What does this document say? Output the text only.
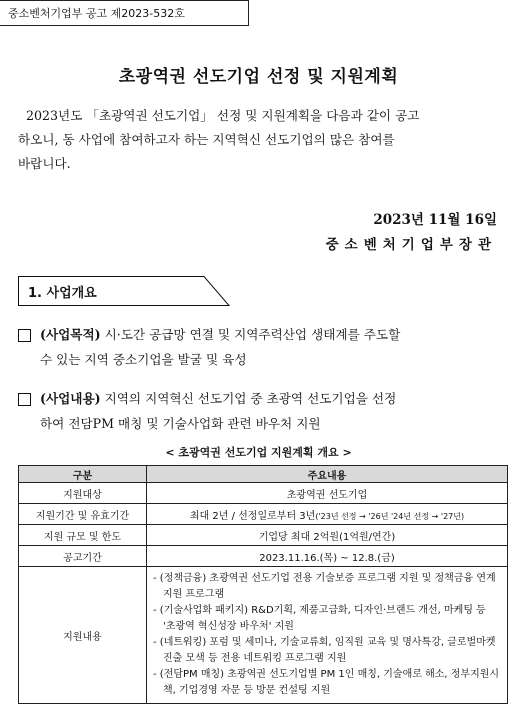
중소벤처기업부 공고 제2023-532호
초광역권 선도기업 선정 및 지원계획
2023년도 「초광역권 선도기업」 선정 및 지원계획을 다음과 같이 공고
하오니, 동 사업에 참여하고자 하는 지역혁신 선도기업의 많은 참여를
바랍니다.
2023년 11월 16일
중소벤처기업부장관
1. 사업개요
(사업목적) 시·도간 공급망 연결 및 지역주력산업 생태계를 주도할
수 있는 지역 중소기업을 발굴 및 육성
(사업내용) 지역의 지역혁신 선도기업 중 초광역 선도기업을 선정
하여 전담PM 매칭 및 기술사업화 관련 바우처 지원
< 초광역권 선도기업 지원계획 개요 >
구분	주요내용
지원대상	초광역권 선도기업
지원기간 및 유효기간	최대 2년 / 선정일로부터 3년('23년 선정 → '26년 '24년 선정 → '27년)
지원 규모 및 한도	기업당 최대 2억원(1억원/연간)
공고기간	2023.11.16.(목) ~ 12.8.(금)
지원내용	- (정책금융) 초광역권 선도기업 전용 기술보증 프로그램 지원 및 정책금융 연계지원 프로그램
- (기술사업화 패키지) R&D기획, 제품고급화, 디자인·브랜드 개선, 마케팅 등 '초광역 혁신성장 바우처' 지원
- (네트워킹) 포럼 및 세미나, 기술교류회, 임직원 교육 및 명사특강, 글로벌마켓 진출 모색 등 전용 네트워킹 프로그램 지원
- (전담PM 매칭) 초광역권 선도기업별 PM 1인 매칭, 기술애로 해소, 정부지원시책, 기업경영 자문 등 방문 컨설팅 지원
